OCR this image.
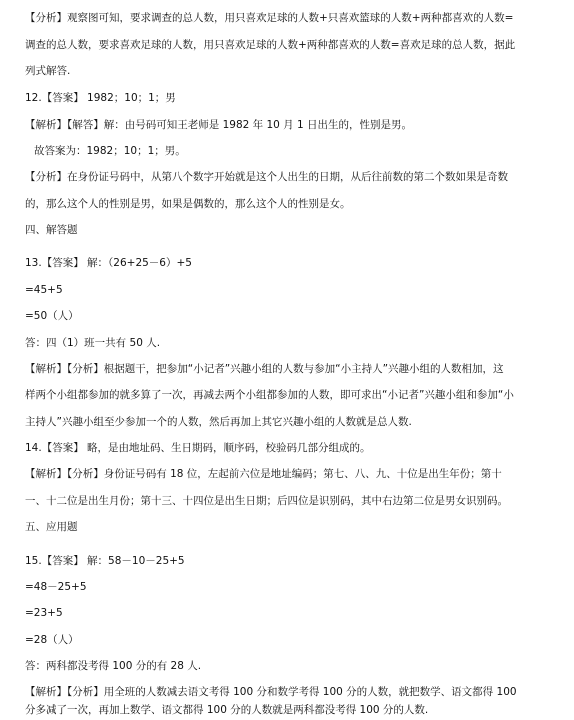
【分析】观察图可知，要求调查的总人数，用只喜欢足球的人数+只喜欢篮球的人数+两种都喜欢的人数=
调查的总人数，要求喜欢足球的人数，用只喜欢足球的人数+两种都喜欢的人数=喜欢足球的总人数，据此
列式解答.
12.【答案】 1982；10；1；男
【解析】【解答】解：由号码可知王老师是 1982 年 10 月 1 日出生的，性别是男。
故答案为：1982；10；1；男。
【分析】在身份证号码中，从第八个数字开始就是这个人出生的日期，从后往前数的第二个数如果是奇数
的，那么这个人的性别是男，如果是偶数的，那么这个人的性别是女。
四、解答题
13.【答案】 解：（26+25－6）+5
=45+5
=50（人）
答：四（1）班一共有 50 人.
【解析】【分析】根据题干，把参加“小记者”兴趣小组的人数与参加“小主持人”兴趣小组的人数相加，这
样两个小组都参加的就多算了一次，再减去两个小组都参加的人数，即可求出“小记者”兴趣小组和参加“小
主持人”兴趣小组至少参加一个的人数，然后再加上其它兴趣小组的人数就是总人数.
14.【答案】 略，是由地址码、生日期码，顺序码，校验码几部分组成的。
【解析】【分析】身份证号码有 18 位，左起前六位是地址编码；第七、八、九、十位是出生年份；第十
一、十二位是出生月份；第十三、十四位是出生日期；后四位是识别码，其中右边第二位是男女识别码。
五、应用题
15.【答案】 解：58－10－25+5
=48－25+5
=23+5
=28（人）
答：两科都没考得 100 分的有 28 人.
【解析】【分析】用全班的人数减去语文考得 100 分和数学考得 100 分的人数，就把数学、语文都得 100
分多减了一次，再加上数学、语文都得 100 分的人数就是两科都没考得 100 分的人数.
